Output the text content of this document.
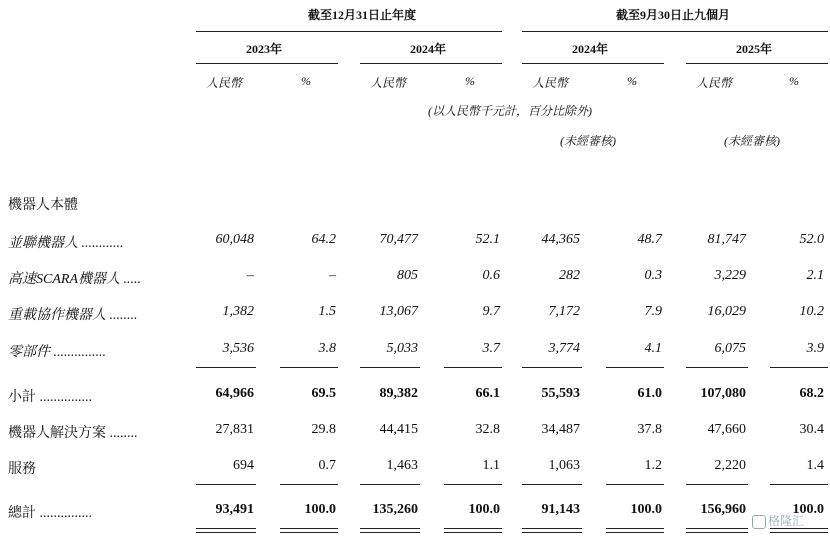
截至12月31日止年度	截至9月30日止九個月
2023年	2024年	2024年	2025年
人民幣	%	人民幣	%	人民幣	%	人民幣	%
(以人民幣千元計，百分比除外)
(未經審核)	(未經審核)
機器人本體
並聯機器人 ............	60,048	64.2	70,477	52.1	44,365	48.7	81,747	52.0
高速SCARA機器人 .....	–	–	805	0.6	282	0.3	3,229	2.1
重載協作機器人 ........	1,382	1.5	13,067	9.7	7,172	7.9	16,029	10.2
零部件 ...............	3,536	3.8	5,033	3.7	3,774	4.1	6,075	3.9
小計 ...............	64,966	69.5	89,382	66.1	55,593	61.0	107,080	68.2
機器人解決方案 ........	27,831	29.8	44,415	32.8	34,487	37.8	47,660	30.4
服務	694	0.7	1,463	1.1	1,063	1.2	2,220	1.4
總計 ...............	93,491	100.0	135,260	100.0	91,143	100.0	156,960	100.0
格隆汇
